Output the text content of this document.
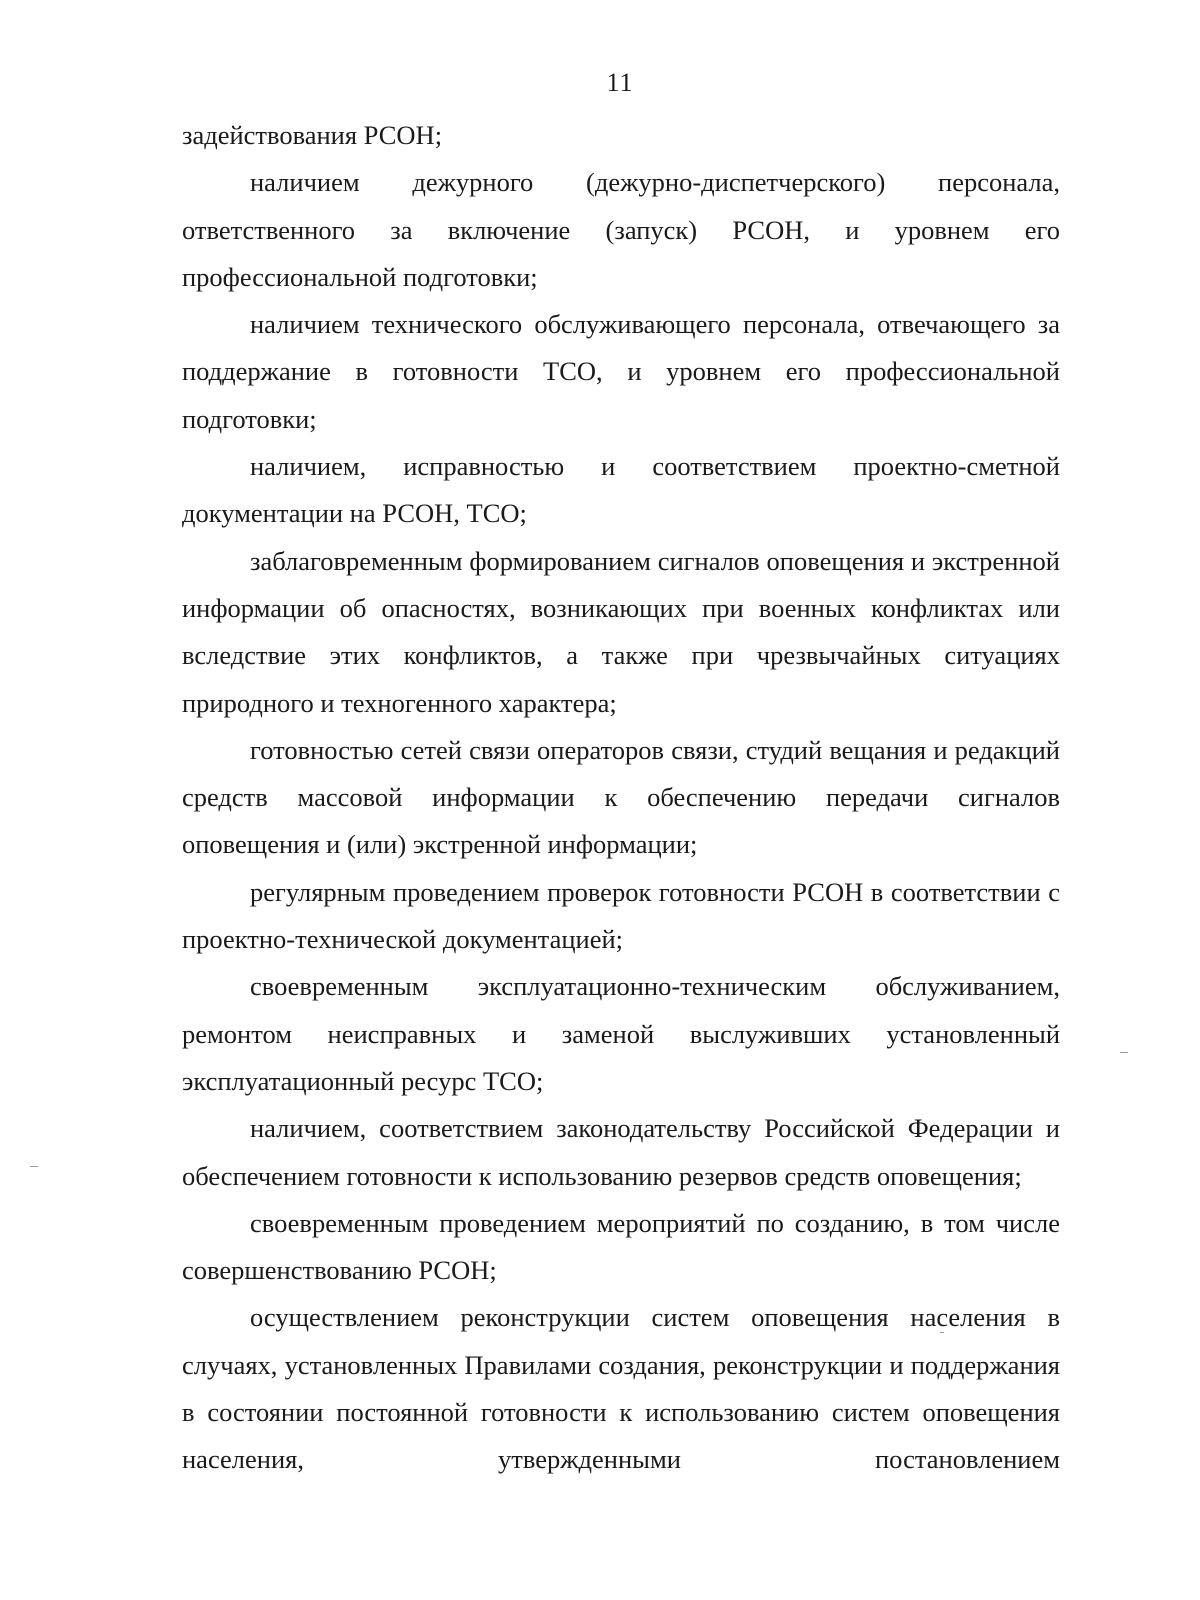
11

задействования РСОН;

наличием дежурного (дежурно-диспетчерского) персонала, ответственного за включение (запуск) РСОН, и уровнем его профессиональной подготовки;

наличием технического обслуживающего персонала, отвечающего за поддержание в готовности ТСО, и уровнем его профессиональной подготовки;

наличием, исправностью и соответствием проектно-сметной документации на РСОН, ТСО;

заблаговременным формированием сигналов оповещения и экстренной информации об опасностях, возникающих при военных конфликтах или вследствие этих конфликтов, а также при чрезвычайных ситуациях природного и техногенного характера;

готовностью сетей связи операторов связи, студий вещания и редакций средств массовой информации к обеспечению передачи сигналов оповещения и (или) экстренной информации;

регулярным проведением проверок готовности РСОН в соответствии с проектно-технической документацией;

своевременным эксплуатационно-техническим обслуживанием, ремонтом неисправных и заменой выслуживших установленный эксплуатационный ресурс ТСО;

наличием, соответствием законодательству Российской Федерации и обеспечением готовности к использованию резервов средств оповещения;

своевременным проведением мероприятий по созданию, в том числе совершенствованию РСОН;

осуществлением реконструкции систем оповещения населения в случаях, установленных Правилами создания, реконструкции и поддержания в состоянии постоянной готовности к использованию систем оповещения населения, утвержденными постановлением
